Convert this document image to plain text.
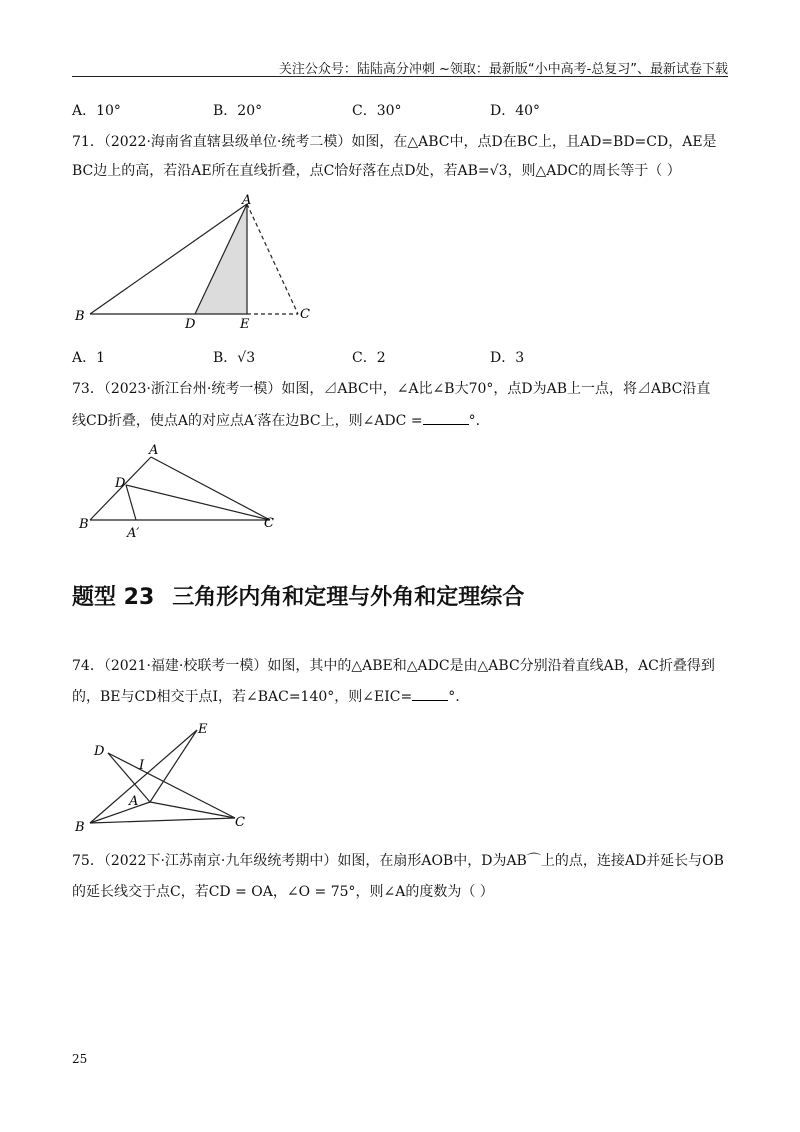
关注公众号：陆陆高分冲刺 ~领取：最新版“小中高考-总复习”、最新试卷下载
A．10°	B．20°	C．30°	D．40°
71．（2022·海南省直辖县级单位·统考二模）如图，在△ABC中，点D在BC上，且AD=BD=CD，AE是
BC边上的高，若沿AE所在直线折叠，点C恰好落在点D处，若AB=√3，则△ADC的周长等于（ ）
A
B	C
D	E
A．1	B．√3	C．2	D．3
73．（2023·浙江台州·统考一模）如图，⊿ABC中，∠A比∠B大70°，点D为AB上一点，将⊿ABC沿直
线CD折叠，使点A的对应点A′落在边BC上，则∠ADC =	°.
A
B	C
D
A′
题型 23 三角形内角和定理与外角和定理综合
74．（2021·福建·校联考一模）如图，其中的△ABE和△ADC是由△ABC分别沿着直线AB，AC折叠得到
的，BE与CD相交于点I，若∠BAC=140°，则∠EIC=	°.
D
E
I
A
B	C
75．（2022下·江苏南京·九年级统考期中）如图，在扇形AOB中，D为AB⌒上的点，连接AD并延长与OB
的延长线交于点C，若CD = OA，∠O = 75°，则∠A的度数为（ ）
25
